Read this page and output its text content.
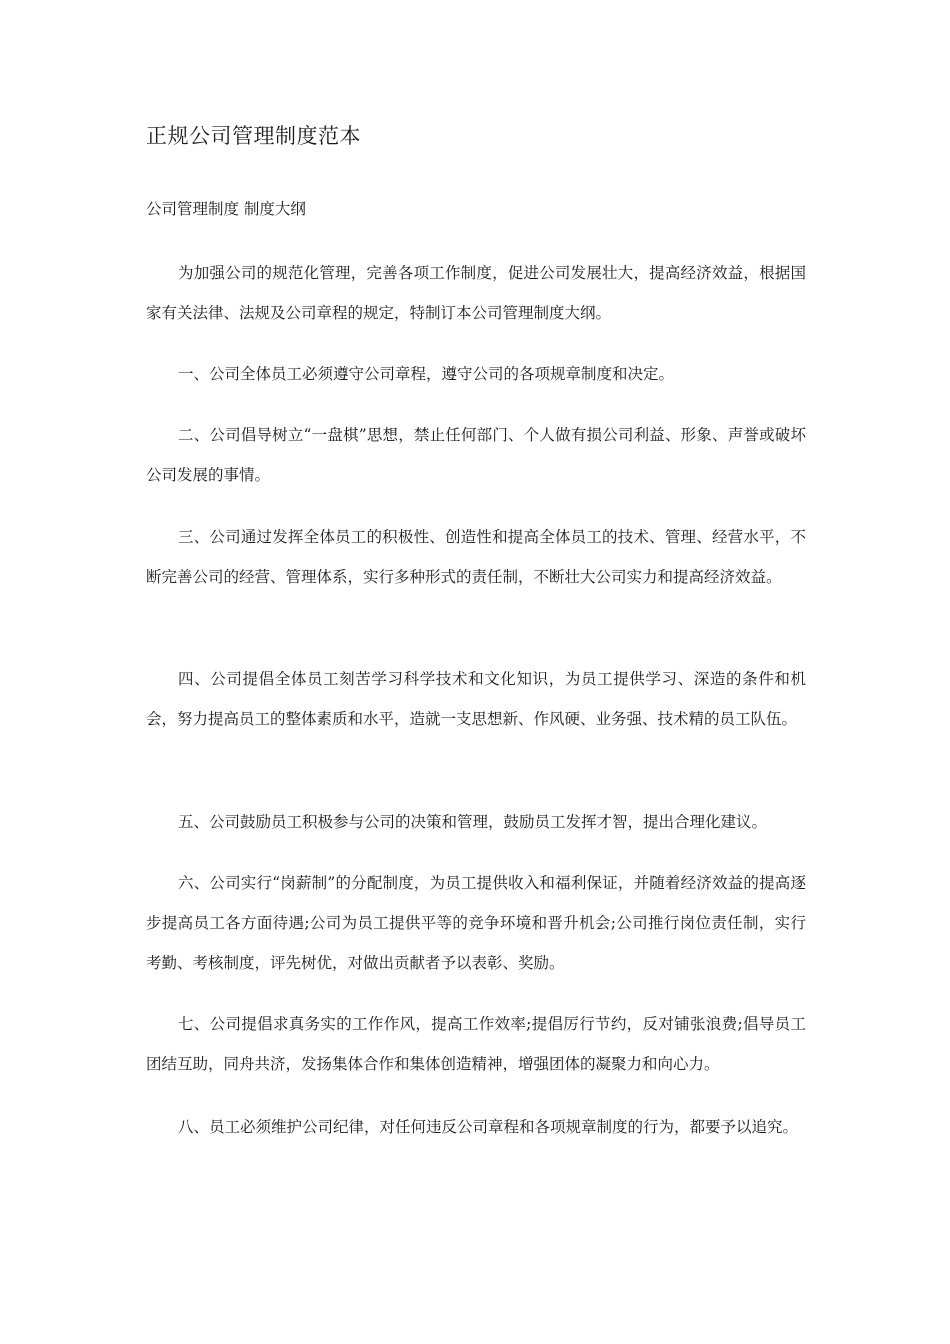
正规公司管理制度范本
公司管理制度 制度大纲

为加强公司的规范化管理，完善各项工作制度，促进公司发展壮大，提高经济效益，根据国家有关法律、法规及公司章程的规定，特制订本公司管理制度大纲。

一、公司全体员工必须遵守公司章程，遵守公司的各项规章制度和决定。

二、公司倡导树立“一盘棋”思想，禁止任何部门、个人做有损公司利益、形象、声誉或破坏公司发展的事情。

三、公司通过发挥全体员工的积极性、创造性和提高全体员工的技术、管理、经营水平，不断完善公司的经营、管理体系，实行多种形式的责任制，不断壮大公司实力和提高经济效益。

四、公司提倡全体员工刻苦学习科学技术和文化知识，为员工提供学习、深造的条件和机会，努力提高员工的整体素质和水平，造就一支思想新、作风硬、业务强、技术精的员工队伍。

五、公司鼓励员工积极参与公司的决策和管理，鼓励员工发挥才智，提出合理化建议。

六、公司实行“岗薪制”的分配制度，为员工提供收入和福利保证，并随着经济效益的提高逐步提高员工各方面待遇;公司为员工提供平等的竞争环境和晋升机会;公司推行岗位责任制，实行考勤、考核制度，评先树优，对做出贡献者予以表彰、奖励。

七、公司提倡求真务实的工作作风，提高工作效率;提倡厉行节约，反对铺张浪费;倡导员工团结互助，同舟共济，发扬集体合作和集体创造精神，增强团体的凝聚力和向心力。

八、员工必须维护公司纪律，对任何违反公司章程和各项规章制度的行为，都要予以追究。
